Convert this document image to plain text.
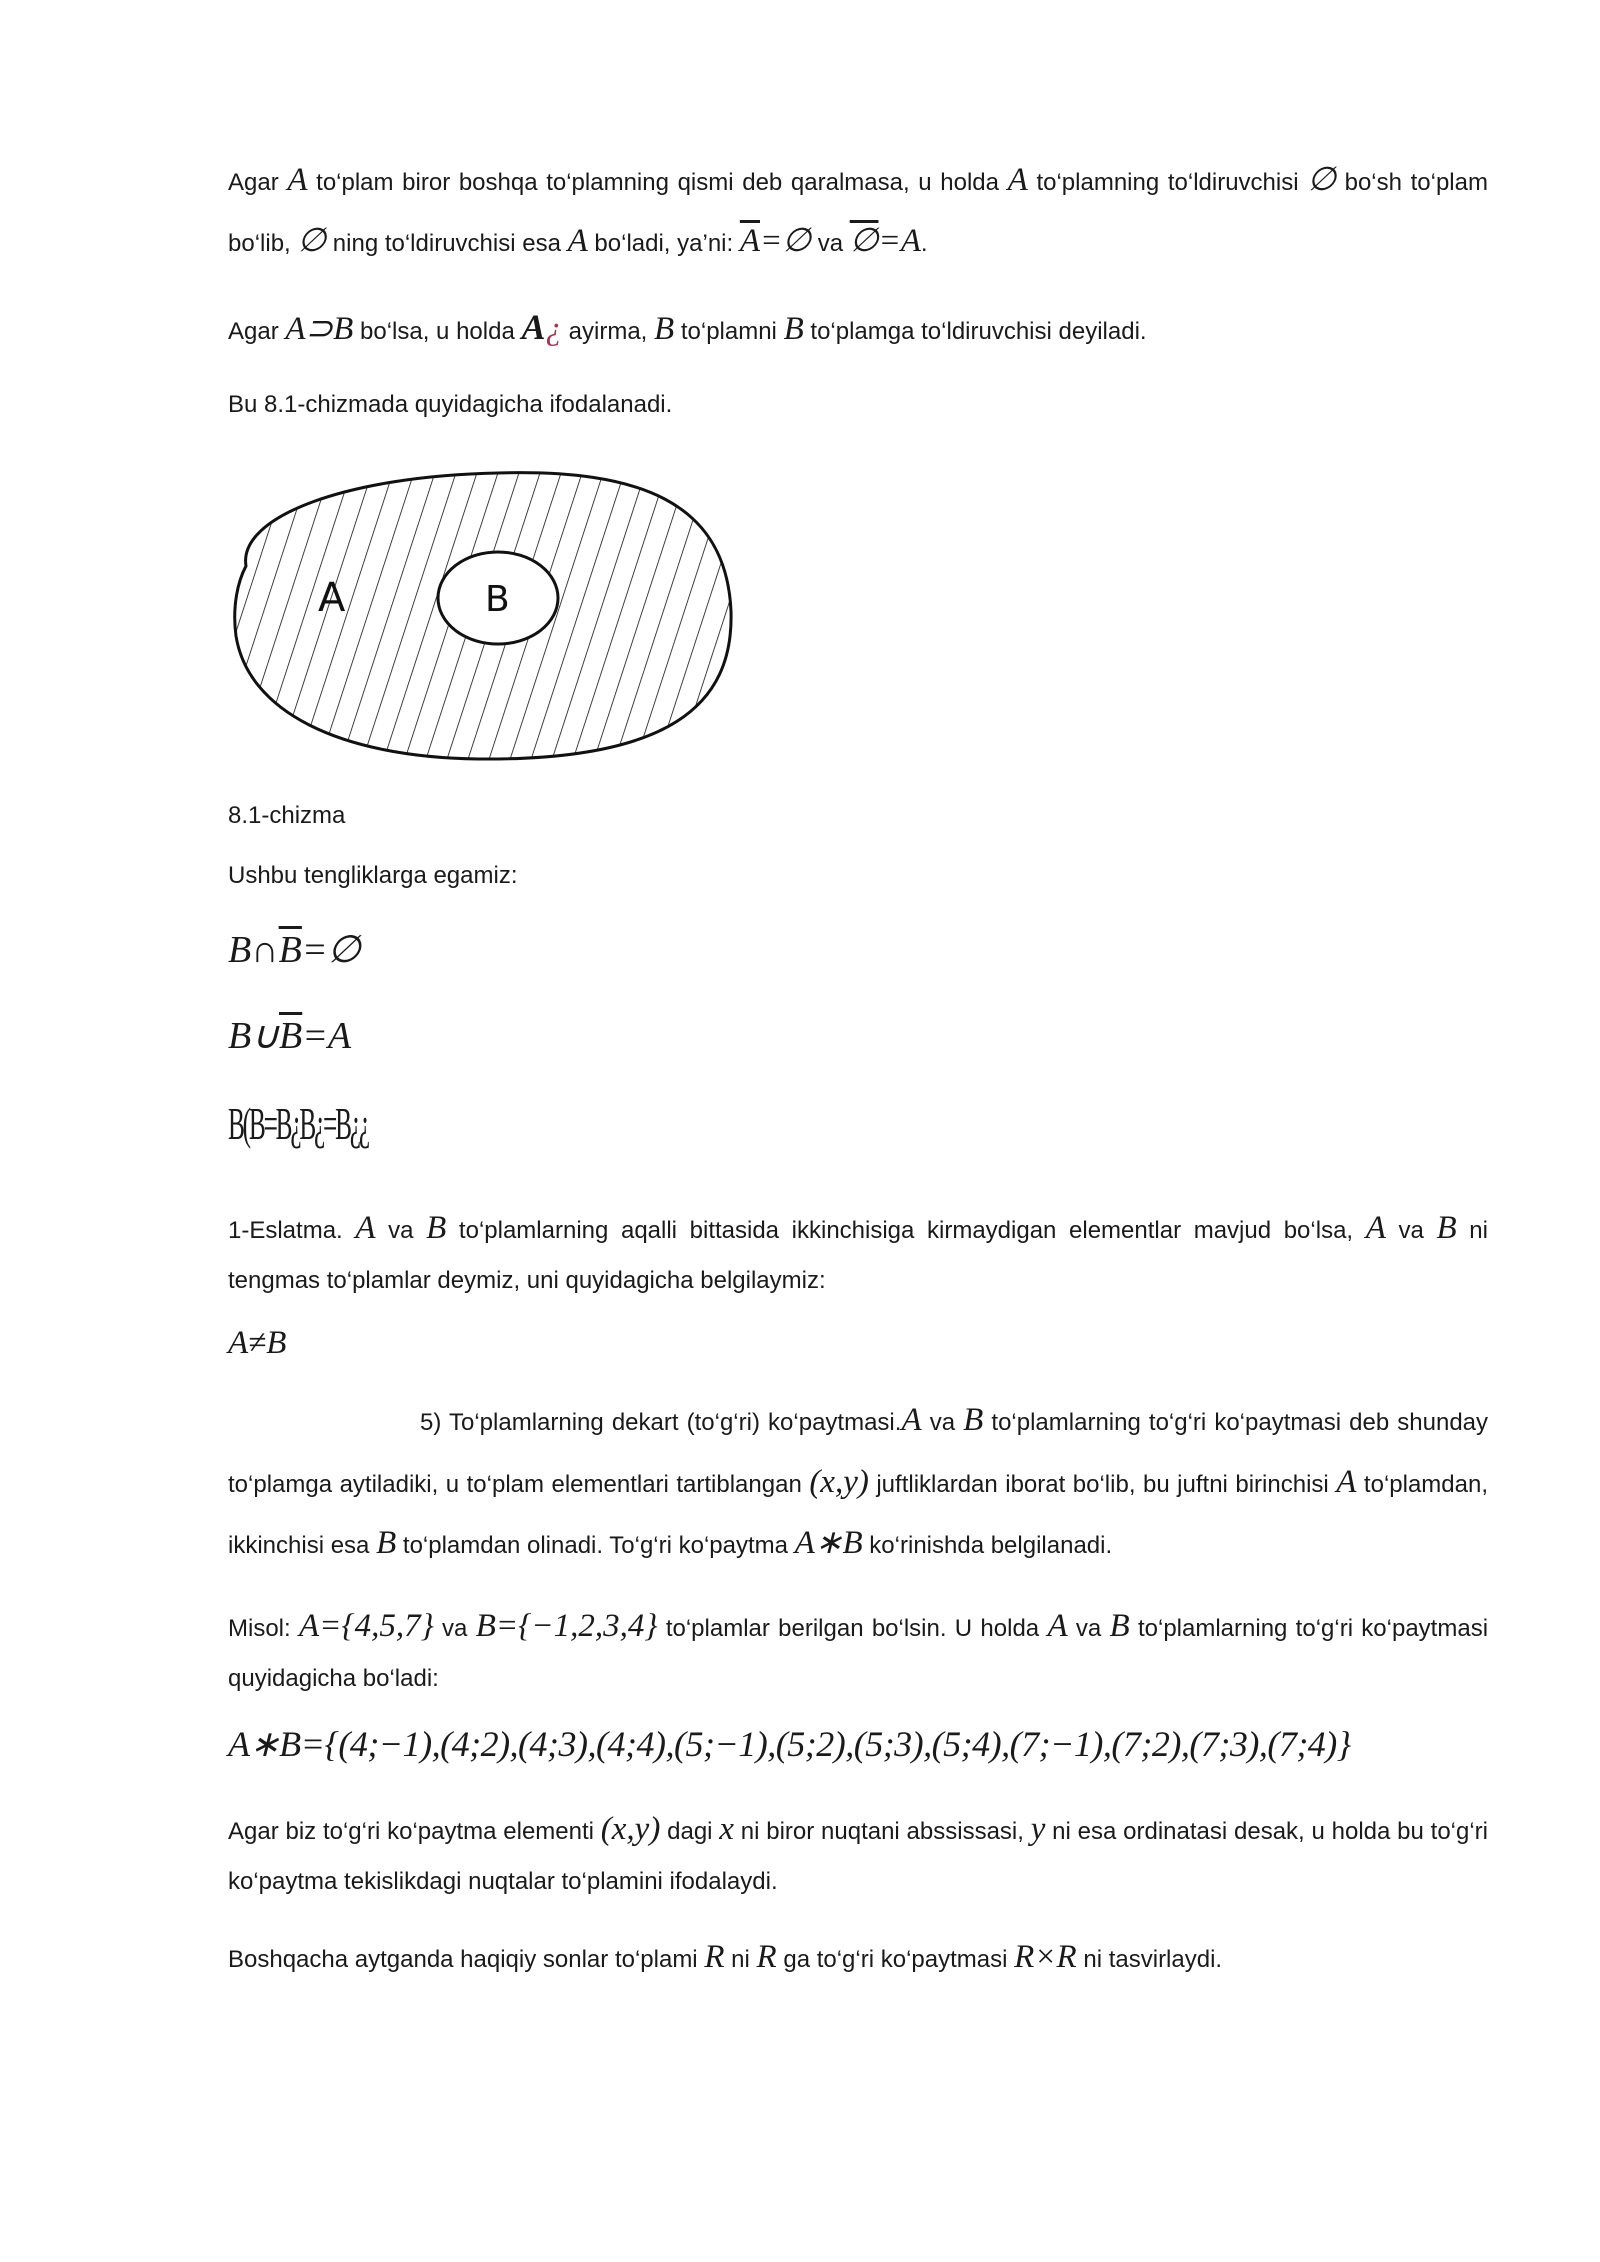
Agar A to‘plam biror boshqa to‘plamning qismi deb qaralmasa, u holda A to‘plamning to‘ldiruvchisi ∅ bo‘sh to‘plam bo‘lib, ∅ ning to‘ldiruvchisi esa A bo‘ladi, ya’ni: $\overline{A}=\emptyset$ va ∅=A.

Agar A⊃B bo‘lsa, u holda A¿ ayirma, B to‘plamni B to‘plamga to‘ldiruvchisi deyiladi.

Bu 8.1-chizmada quyidagicha ifodalanadi.

A	B

8.1-chizma

Ushbu tengliklarga egamiz:

$B\cap\overline{B}=\emptyset$
$B\cup\overline{B}=A$
B(B=B¿B¿=B¿¿

1-Eslatma. A va B to‘plamlarning aqalli bittasida ikkinchisiga kirmaydigan elementlar mavjud bo‘lsa, A va B ni tengmas to‘plamlar deymiz, uni quyidagicha belgilaymiz:

A≠B

5) To‘plamlarning dekart (to‘g‘ri) ko‘paytmasi.A va B to‘plamlarning to‘g‘ri ko‘paytmasi deb shunday to‘plamga aytiladiki, u to‘plam elementlari tartiblangan (x,y) juftliklardan iborat bo‘lib, bu juftni birinchisi A to‘plamdan, ikkinchisi esa B to‘plamdan olinadi. To‘g‘ri ko‘paytma A∗B ko‘rinishda belgilanadi.

Misol: A={4,5,7} va B={−1,2,3,4} to‘plamlar berilgan bo‘lsin. U holda A va B to‘plamlarning to‘g‘ri ko‘paytmasi quyidagicha bo‘ladi:

A∗B={(4;−1),(4;2),(4;3),(4;4),(5;−1),(5;2),(5;3),(5;4),(7;−1),(7;2),(7;3),(7;4)}

Agar biz to‘g‘ri ko‘paytma elementi (x,y) dagi x ni biror nuqtani abssissasi, y ni esa ordinatasi desak, u holda bu to‘g‘ri ko‘paytma tekislikdagi nuqtalar to‘plamini ifodalaydi.

Boshqacha aytganda haqiqiy sonlar to‘plami R ni R ga to‘g‘ri ko‘paytmasi R×R ni tasvirlaydi.
